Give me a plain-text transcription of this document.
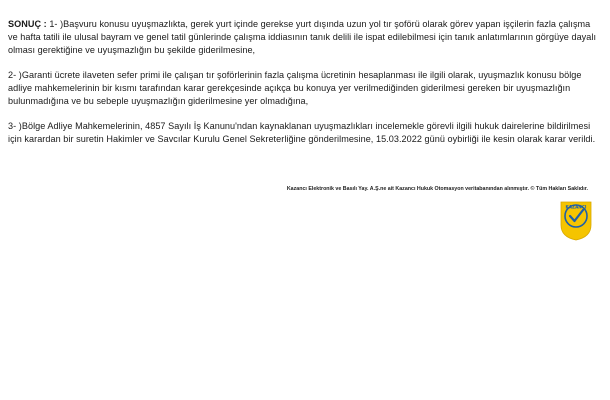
SONUÇ : 1- )Başvuru konusu uyuşmazlıkta, gerek yurt içinde gerekse yurt dışında uzun yol tır şoförü olarak görev yapan işçilerin fazla çalışma ve hafta tatili ile ulusal bayram ve genel tatil günlerinde çalışma iddiasının tanık delili ile ispat edilebilmesi için tanık anlatımlarının görgüye dayalı olması gerektiğine ve uyuşmazlığın bu şekilde giderilmesine,

2- )Garanti ücrete ilaveten sefer primi ile çalışan tır şoförlerinin fazla çalışma ücretinin hesaplanması ile ilgili olarak, uyuşmazlık konusu bölge adliye mahkemelerinin bir kısmı tarafından karar gerekçesinde açıkça bu konuya yer verilmediğinden giderilmesi gereken bir uyuşmazlığın bulunmadığına ve bu sebeple uyuşmazlığın giderilmesine yer olmadığına,

3- )Bölge Adliye Mahkemelerinin, 4857 Sayılı İş Kanunu'ndan kaynaklanan uyuşmazlıkları incelemekle görevli ilgili hukuk dairelerine bildirilmesi için karardan bir suretin Hakimler ve Savcılar Kurulu Genel Sekreterliğine gönderilmesine, 15.03.2022 günü oybirliği ile kesin olarak karar verildi.

Kazancı Elektronik ve Basılı Yay. A.Ş.ne ait Kazancı Hukuk Otomasyon veritabanından alınmıştır. © Tüm Hakları Saklıdır.
KAZANCI
